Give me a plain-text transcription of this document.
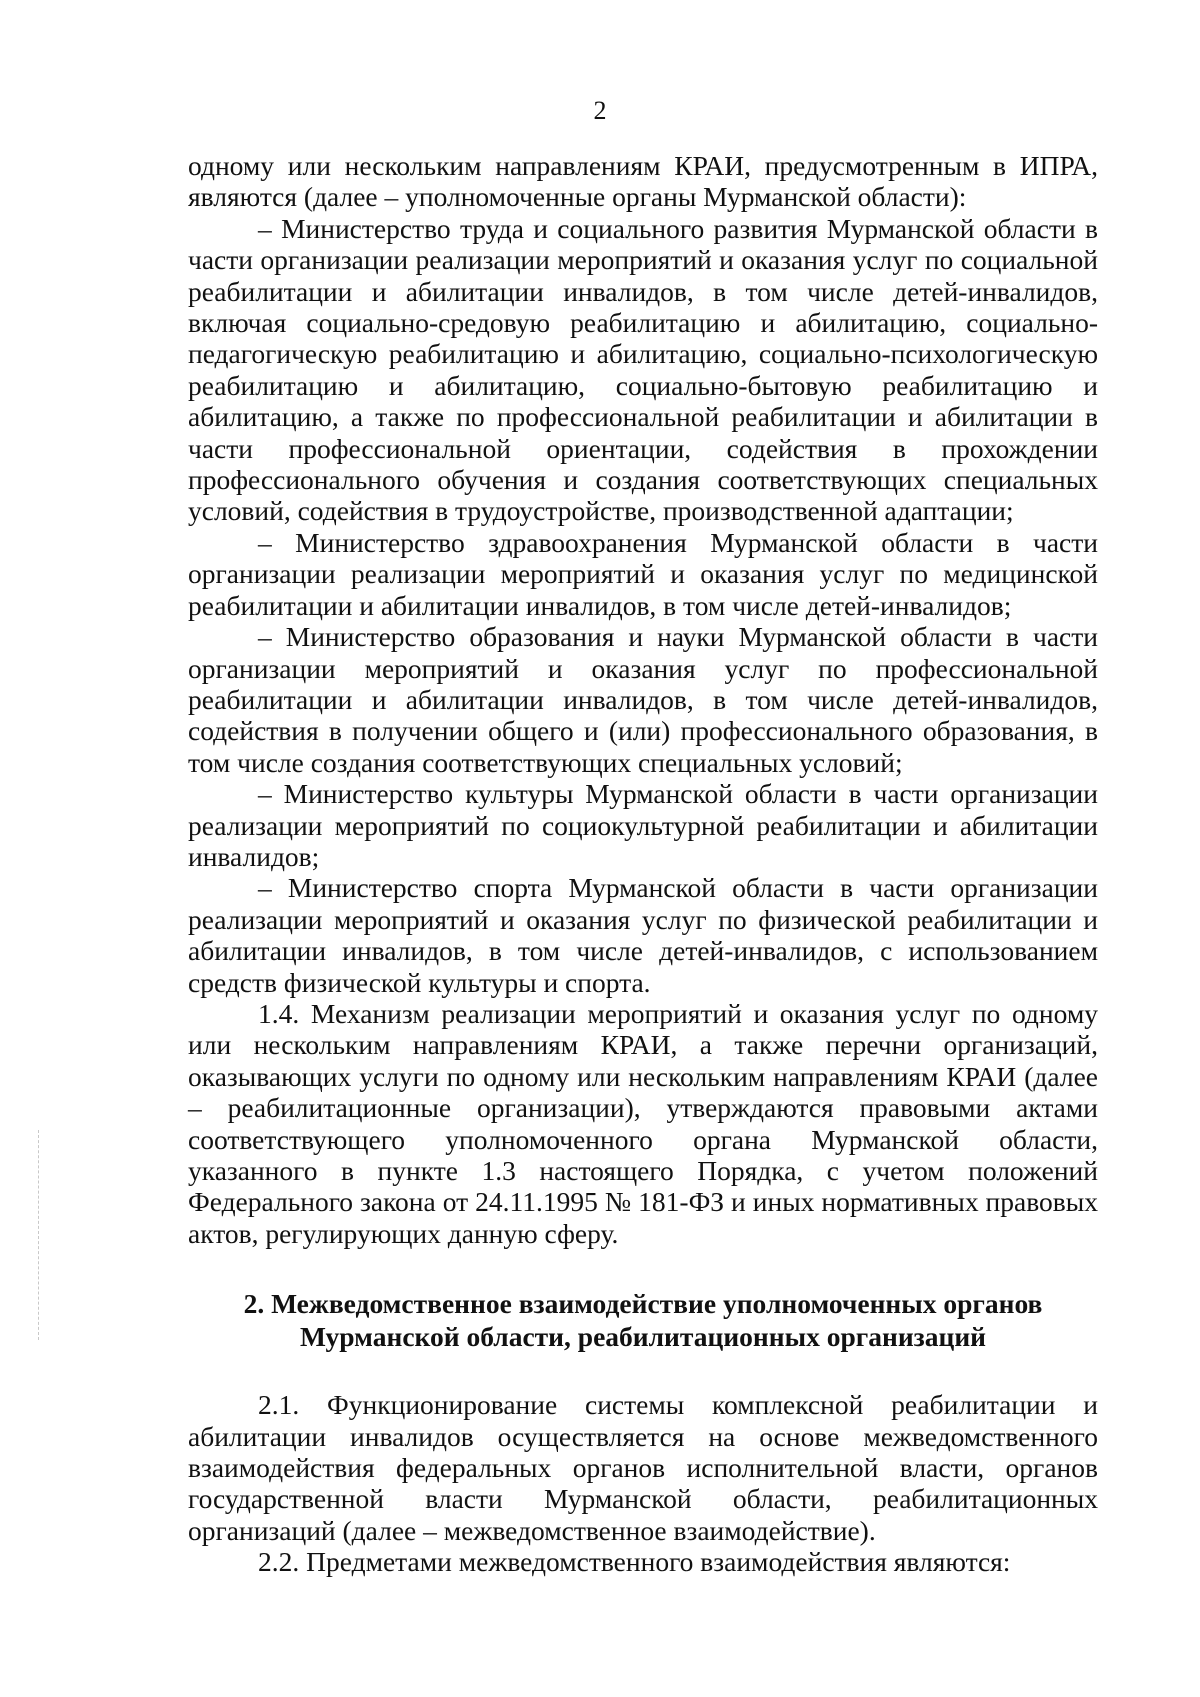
2

одному или нескольким направлениям КРАИ, предусмотренным в ИПРА, являются (далее – уполномоченные органы Мурманской области):

– Министерство труда и социального развития Мурманской области в части организации реализации мероприятий и оказания услуг по социальной реабилитации и абилитации инвалидов, в том числе детей-инвалидов, включая социально-средовую реабилитацию и абилитацию, социально-педагогическую реабилитацию и абилитацию, социально-психологическую реабилитацию и абилитацию, социально-бытовую реабилитацию и абилитацию, а также по профессиональной реабилитации и абилитации в части профессиональной ориентации, содействия в прохождении профессионального обучения и создания соответствующих специальных условий, содействия в трудоустройстве, производственной адаптации;

– Министерство здравоохранения Мурманской области в части организации реализации мероприятий и оказания услуг по медицинской реабилитации и абилитации инвалидов, в том числе детей-инвалидов;

– Министерство образования и науки Мурманской области в части организации мероприятий и оказания услуг по профессиональной реабилитации и абилитации инвалидов, в том числе детей-инвалидов, содействия в получении общего и (или) профессионального образования, в том числе создания соответствующих специальных условий;

– Министерство культуры Мурманской области в части организации реализации мероприятий по социокультурной реабилитации и абилитации инвалидов;

– Министерство спорта Мурманской области в части организации реализации мероприятий и оказания услуг по физической реабилитации и абилитации инвалидов, в том числе детей-инвалидов, с использованием средств физической культуры и спорта.

1.4. Механизм реализации мероприятий и оказания услуг по одному или нескольким направлениям КРАИ, а также перечни организаций, оказывающих услуги по одному или нескольким направлениям КРАИ (далее – реабилитационные организации), утверждаются правовыми актами соответствующего уполномоченного органа Мурманской области, указанного в пункте 1.3 настоящего Порядка, с учетом положений Федерального закона от 24.11.1995 № 181-ФЗ и иных нормативных правовых актов, регулирующих данную сферу.

2. Межведомственное взаимодействие уполномоченных органов
Мурманской области, реабилитационных организаций

2.1. Функционирование системы комплексной реабилитации и абилитации инвалидов осуществляется на основе межведомственного взаимодействия федеральных органов исполнительной власти, органов государственной власти Мурманской области, реабилитационных организаций (далее – межведомственное взаимодействие).

2.2. Предметами межведомственного взаимодействия являются:
